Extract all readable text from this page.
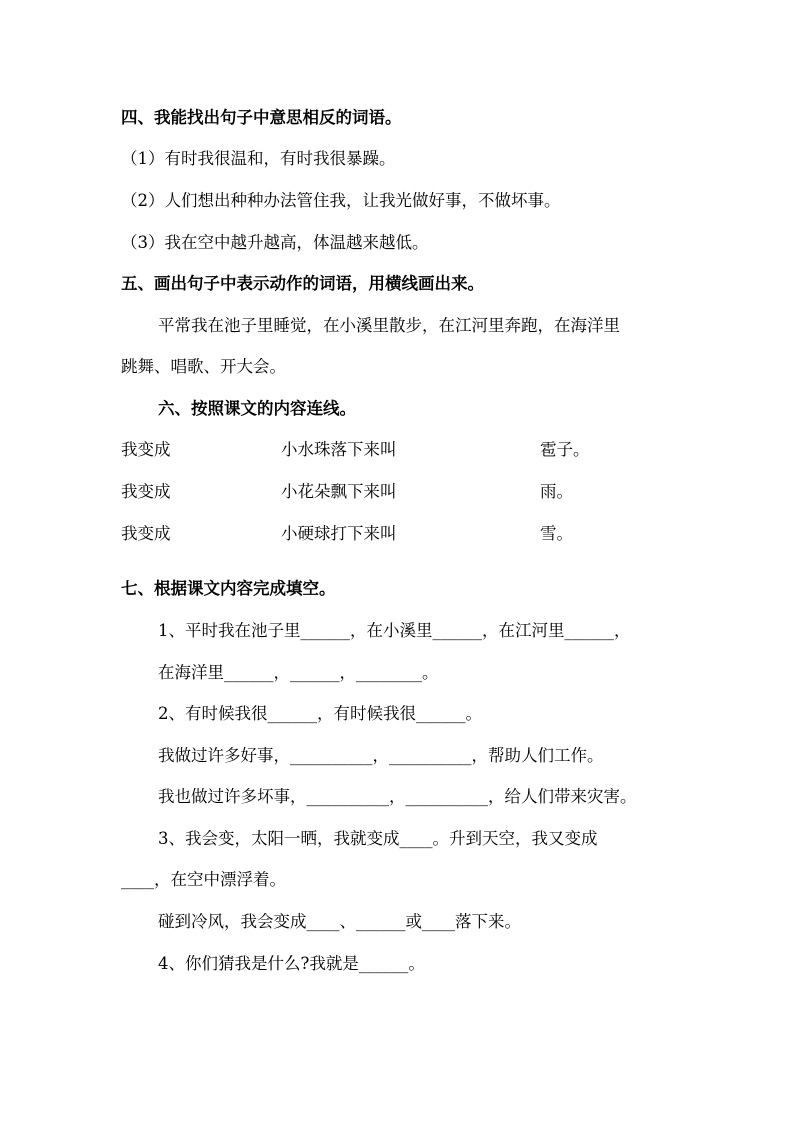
四、我能找出句子中意思相反的词语。
（1）有时我很温和，有时我很暴躁。
（2）人们想出种种办法管住我，让我光做好事，不做坏事。
（3）我在空中越升越高，体温越来越低。
五、画出句子中表示动作的词语，用横线画出来。
平常我在池子里睡觉，在小溪里散步，在江河里奔跑，在海洋里
跳舞、唱歌、开大会。
六、按照课文的内容连线。
我变成	小水珠落下来叫	雹子。
我变成	小花朵飘下来叫	雨。
我变成	小硬球打下来叫	雪。
七、根据课文内容完成填空。
1、平时我在池子里______，在小溪里______，在江河里______，
在海洋里______，______，________。
2、有时候我很______，有时候我很______。
我做过许多好事，__________，__________，帮助人们工作。
我也做过许多坏事，__________，__________，给人们带来灾害。
3、我会变，太阳一晒，我就变成____。升到天空，我又变成
____，在空中漂浮着。
碰到冷风，我会变成____、______或____落下来。
4、你们猜我是什么?我就是______。
